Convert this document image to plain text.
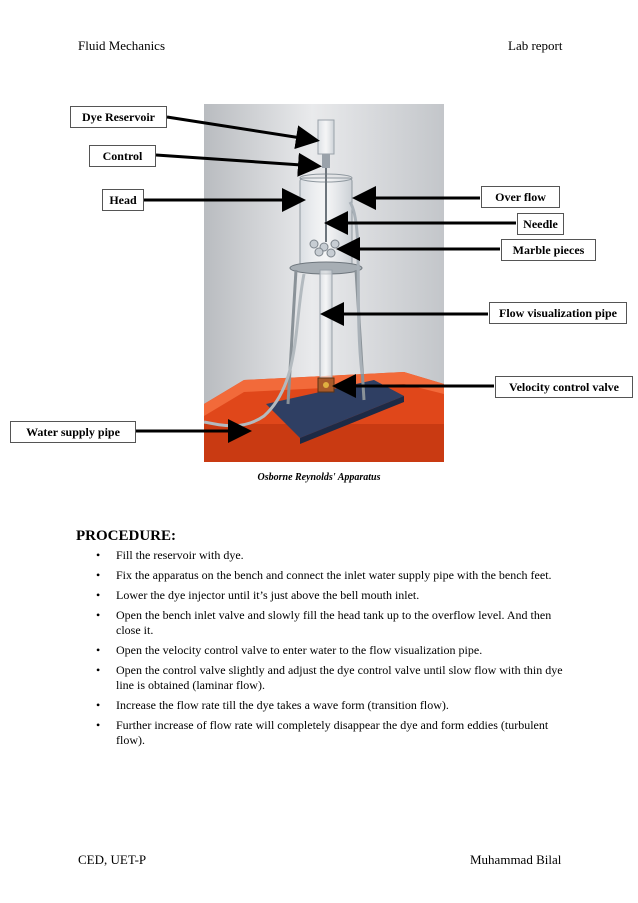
Fluid Mechanics	Lab report
Dye Reservoir
Control
Head	Over flow
Needle
Marble pieces
Flow visualization pipe
Velocity control valve
Water supply pipe
Osborne Reynolds' Apparatus
PROCEDURE:
• Fill the reservoir with dye.
• Fix the apparatus on the bench and connect the inlet water supply pipe with the bench feet.
• Lower the dye injector until it’s just above the bell mouth inlet.
• Open the bench inlet valve and slowly fill the head tank up to the overflow level. And then close it.
• Open the velocity control valve to enter water to the flow visualization pipe.
• Open the control valve slightly and adjust the dye control valve until slow flow with thin dye line is obtained (laminar flow).
• Increase the flow rate till the dye takes a wave form (transition flow).
• Further increase of flow rate will completely disappear the dye and form eddies (turbulent flow).
CED, UET-P	Muhammad Bilal
